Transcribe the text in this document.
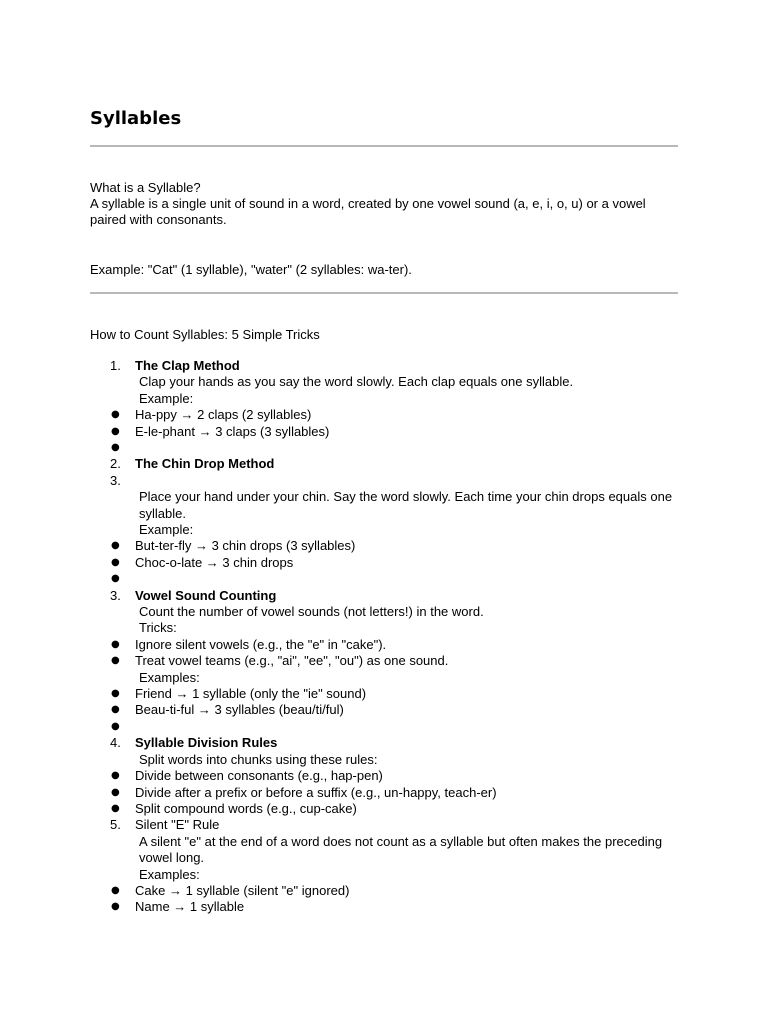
Syllables

What is a Syllable?

A syllable is a single unit of sound in a word, created by one vowel sound (a, e, i, o, u) or a vowel paired with consonants.

Example: "Cat" (1 syllable), "water" (2 syllables: wa-ter).

How to Count Syllables: 5 Simple Tricks

1.	The Clap Method
Clap your hands as you say the word slowly. Each clap equals one syllable.
Example:
●	Ha-ppy → 2 claps (2 syllables)
●	E-le-phant → 3 claps (3 syllables)
●
2.	The Chin Drop Method
3.
Place your hand under your chin. Say the word slowly. Each time your chin drops equals one syllable.
Example:
●	But-ter-fly → 3 chin drops (3 syllables)
●	Choc-o-late → 3 chin drops
●
3.	Vowel Sound Counting
Count the number of vowel sounds (not letters!) in the word.
Tricks:
●	Ignore silent vowels (e.g., the "e" in "cake").
●	Treat vowel teams (e.g., "ai", "ee", "ou") as one sound.
Examples:
●	Friend → 1 syllable (only the "ie" sound)
●	Beau-ti-ful → 3 syllables (beau/ti/ful)
●
4.	Syllable Division Rules
Split words into chunks using these rules:
●	Divide between consonants (e.g., hap-pen)
●	Divide after a prefix or before a suffix (e.g., un-happy, teach-er)
●	Split compound words (e.g., cup-cake)
5.	Silent "E" Rule
A silent "e" at the end of a word does not count as a syllable but often makes the preceding vowel long.
Examples:
●	Cake → 1 syllable (silent "e" ignored)
●	Name → 1 syllable
